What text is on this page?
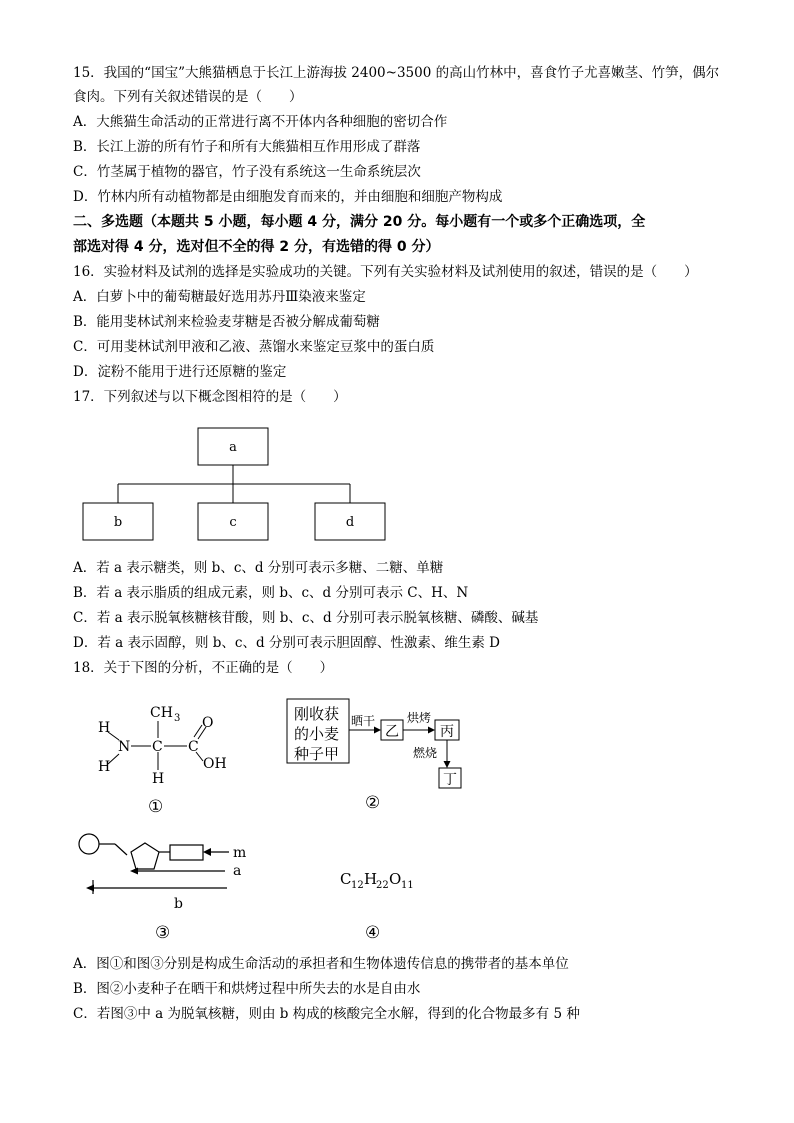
15．我国的“国宝”大熊猫栖息于长江上游海拔 2400~3500 的高山竹林中，喜食竹子尤喜嫩茎、竹笋，偶尔
食肉。下列有关叙述错误的是（　　）
A．大熊猫生命活动的正常进行离不开体内各种细胞的密切合作
B．长江上游的所有竹子和所有大熊猫相互作用形成了群落
C．竹茎属于植物的器官，竹子没有系统这一生命系统层次
D．竹林内所有动植物都是由细胞发育而来的，并由细胞和细胞产物构成
二、多选题（本题共 5 小题，每小题 4 分，满分 20 分。每小题有一个或多个正确选项，全
部选对得 4 分，选对但不全的得 2 分，有选错的得 0 分）
16．实验材料及试剂的选择是实验成功的关键。下列有关实验材料及试剂使用的叙述，错误的是（　　）
A．白萝卜中的葡萄糖最好选用苏丹Ⅲ染液来鉴定
B．能用斐林试剂来检验麦芽糖是否被分解成葡萄糖
C．可用斐林试剂甲液和乙液、蒸馏水来鉴定豆浆中的蛋白质
D．淀粉不能用于进行还原糖的鉴定
17．下列叙述与以下概念图相符的是（　　）
a
b	c	d
A．若 a 表示糖类，则 b、c、d 分别可表示多糖、二糖、单糖
B．若 a 表示脂质的组成元素，则 b、c、d 分别可表示 C、H、N
C．若 a 表示脱氧核糖核苷酸，则 b、c、d 分别可表示脱氧核糖、磷酸、碱基
D．若 a 表示固醇，则 b、c、d 分别可表示胆固醇、性激素、维生素 D
18．关于下图的分析，不正确的是（　　）
CH 3 O
H
N C C
H
H
OH
①
刚收获
的小麦
种子甲
乙	丙
丁
晒干	烘烤
燃烧
②
m
a
b
③
C 12 H
22 O 11
④
A．图①和图③分别是构成生命活动的承担者和生物体遗传信息的携带者的基本单位
B．图②小麦种子在晒干和烘烤过程中所失去的水是自由水
C．若图③中 a 为脱氧核糖，则由 b 构成的核酸完全水解，得到的化合物最多有 5 种
